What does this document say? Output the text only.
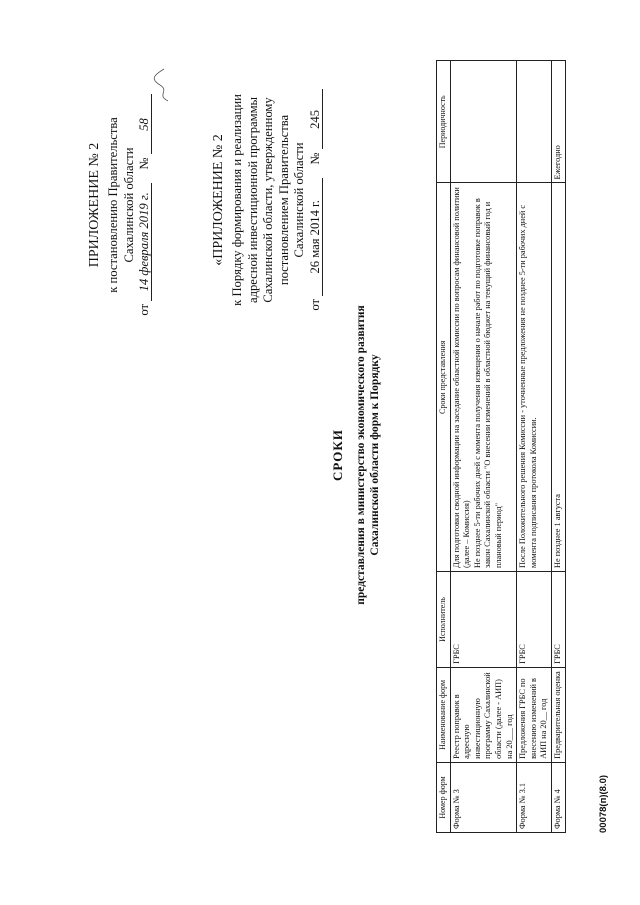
ПРИЛОЖЕНИЕ № 2 к постановлению Правительства Сахалинской области
от 14 февраля 2019 г. № 58
«ПРИЛОЖЕНИЕ № 2 к Порядку формирования и реализации адресной инвестиционной программы Сахалинской области, утвержденному постановлением Правительства Сахалинской области
от 26 мая 2014 г. № 245
СРОКИ представления в министерство экономического развития Сахалинской области форм к Порядку
Номер форм	Наименование форм	Исполнитель	Сроки представления	Периодичность
Форма № 3	Реестр поправок в адресную инвестиционную программу Сахалинской области (далее - АИП) на 20___ год	ГРБС	Для подготовки сводной информации на заседание областной комиссии по вопросам финансовой политики (далее – Комиссия) Не позднее 5-ти рабочих дней с момента получения извещения о начале работ по подготовке поправок в закон Сахалинской области "О внесении изменений в областной бюджет на текущий финансовый год и плановый период"	

Форма № 3.1	Предложения ГРБС по внесению изменений в АИП на 20__ год	ГРБС	После Положительного решения Комиссии - уточненные предложения не позднее 5-ти рабочих дней с момента подписания протокола Комиссии.	
Форма № 4	Предварительная оценка	ГРБС	Не позднее 1 августа	Ежегодно
00078(п)(8.0)
